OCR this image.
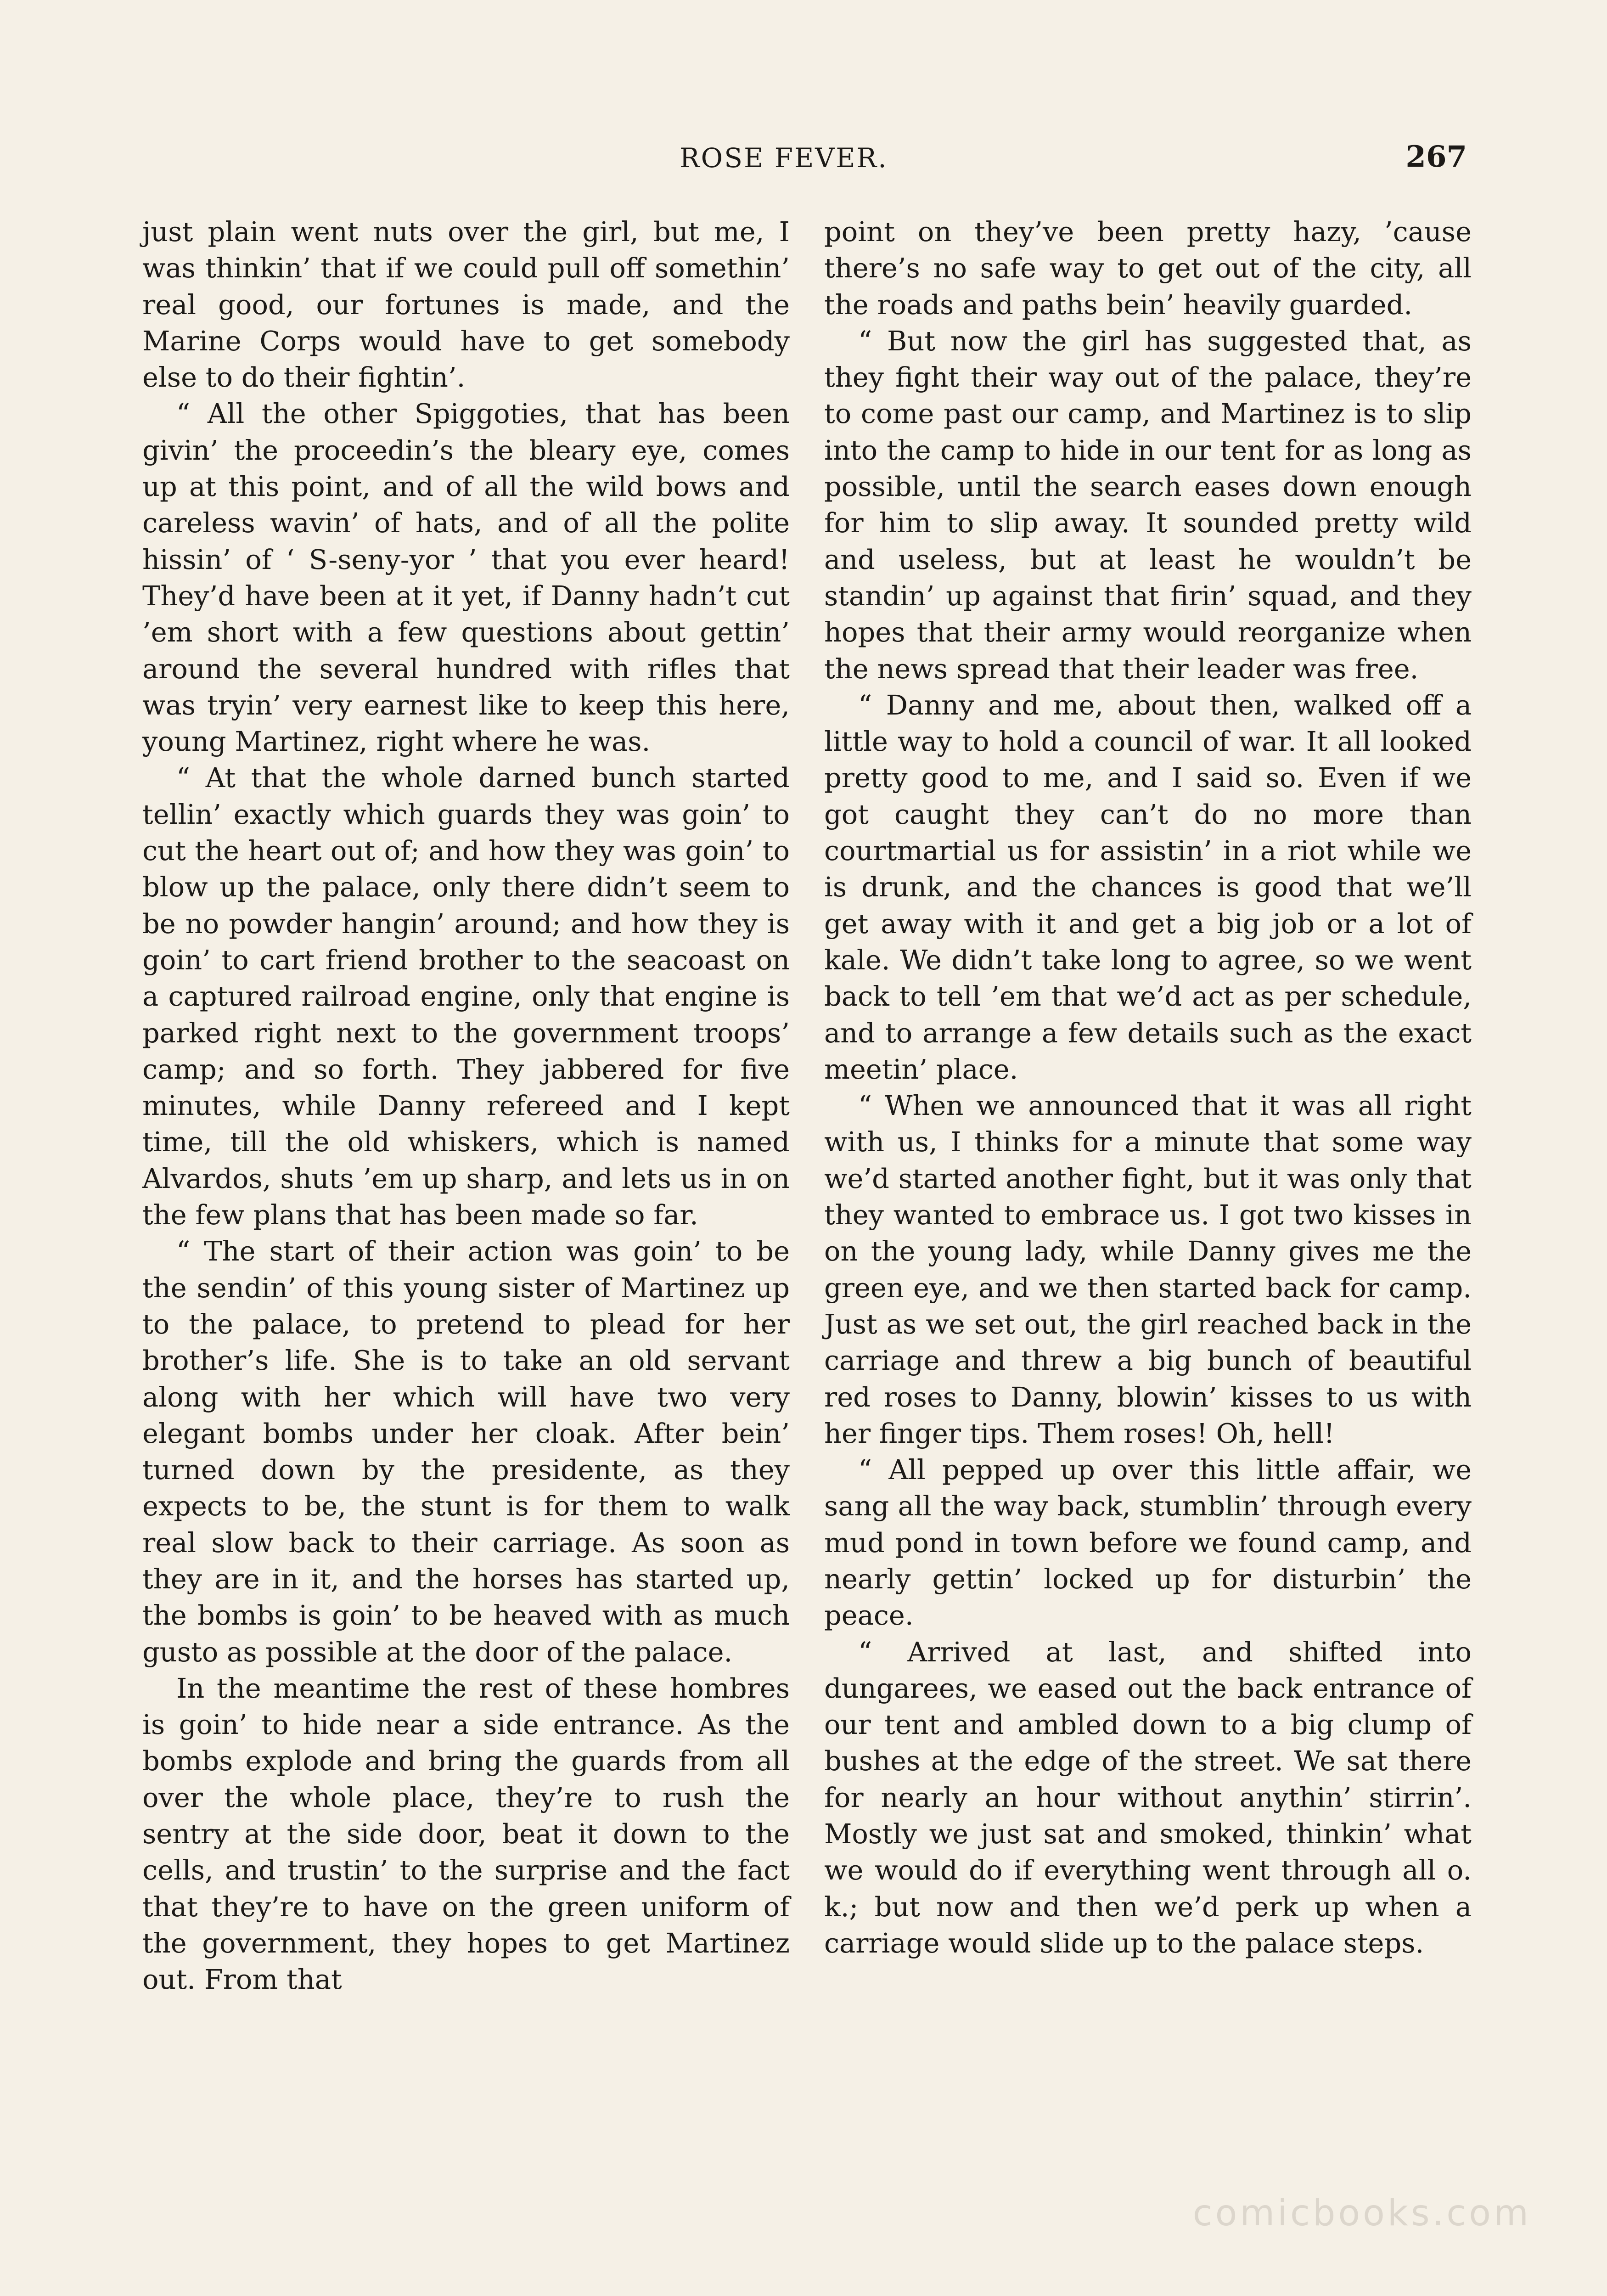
ROSE FEVER.	267

just plain went nuts over the girl, but me, I was thinkin’ that if we could pull off somethin’ real good, our fortunes is made, and the Marine Corps would have to get somebody else to do their fightin’.

“ All the other Spiggoties, that has been givin’ the proceedin’s the bleary eye, comes up at this point, and of all the wild bows and careless wavin’ of hats, and of all the polite hissin’ of ‘ S-seny-yor ’ that you ever heard! They’d have been at it yet, if Danny hadn’t cut ’em short with a few questions about gettin’ around the several hundred with rifles that was tryin’ very earnest like to keep this here, young Martinez, right where he was.

“ At that the whole darned bunch started tellin’ exactly which guards they was goin’ to cut the heart out of; and how they was goin’ to blow up the palace, only there didn’t seem to be no powder hangin’ around; and how they is goin’ to cart friend brother to the seacoast on a captured railroad engine, only that engine is parked right next to the government troops’ camp; and so forth. They jabbered for five minutes, while Danny refereed and I kept time, till the old whiskers, which is named Alvardos, shuts ’em up sharp, and lets us in on the few plans that has been made so far.

“ The start of their action was goin’ to be the sendin’ of this young sister of Martinez up to the palace, to pretend to plead for her brother’s life. She is to take an old servant along with her which will have two very elegant bombs under her cloak. After bein’ turned down by the presidente, as they expects to be, the stunt is for them to walk real slow back to their carriage. As soon as they are in it, and the horses has started up, the bombs is goin’ to be heaved with as much gusto as possible at the door of the palace.

In the meantime the rest of these hombres is goin’ to hide near a side entrance. As the bombs explode and bring the guards from all over the whole place, they’re to rush the sentry at the side door, beat it down to the cells, and trustin’ to the surprise and the fact that they’re to have on the green uniform of the government, they hopes to get Martinez out. From that

point on they’ve been pretty hazy, ’cause there’s no safe way to get out of the city, all the roads and paths bein’ heavily guarded.

“ But now the girl has suggested that, as they fight their way out of the palace, they’re to come past our camp, and Martinez is to slip into the camp to hide in our tent for as long as possible, until the search eases down enough for him to slip away. It sounded pretty wild and useless, but at least he wouldn’t be standin’ up against that firin’ squad, and they hopes that their army would reorganize when the news spread that their leader was free.

“ Danny and me, about then, walked off a little way to hold a council of war. It all looked pretty good to me, and I said so. Even if we got caught they can’t do no more than courtmartial us for assistin’ in a riot while we is drunk, and the chances is good that we’ll get away with it and get a big job or a lot of kale. We didn’t take long to agree, so we went back to tell ’em that we’d act as per schedule, and to arrange a few details such as the exact meetin’ place.

“ When we announced that it was all right with us, I thinks for a minute that some way we’d started another fight, but it was only that they wanted to embrace us. I got two kisses in on the young lady, while Danny gives me the green eye, and we then started back for camp. Just as we set out, the girl reached back in the carriage and threw a big bunch of beautiful red roses to Danny, blowin’ kisses to us with her finger tips. Them roses! Oh, hell!

“ All pepped up over this little affair, we sang all the way back, stumblin’ through every mud pond in town before we found camp, and nearly gettin’ locked up for disturbin’ the peace.

“ Arrived at last, and shifted into dungarees, we eased out the back entrance of our tent and ambled down to a big clump of bushes at the edge of the street. We sat there for nearly an hour without anythin’ stirrin’. Mostly we just sat and smoked, thinkin’ what we would do if everything went through all o. k.; but now and then we’d perk up when a carriage would slide up to the palace steps.

comicbooks.com
